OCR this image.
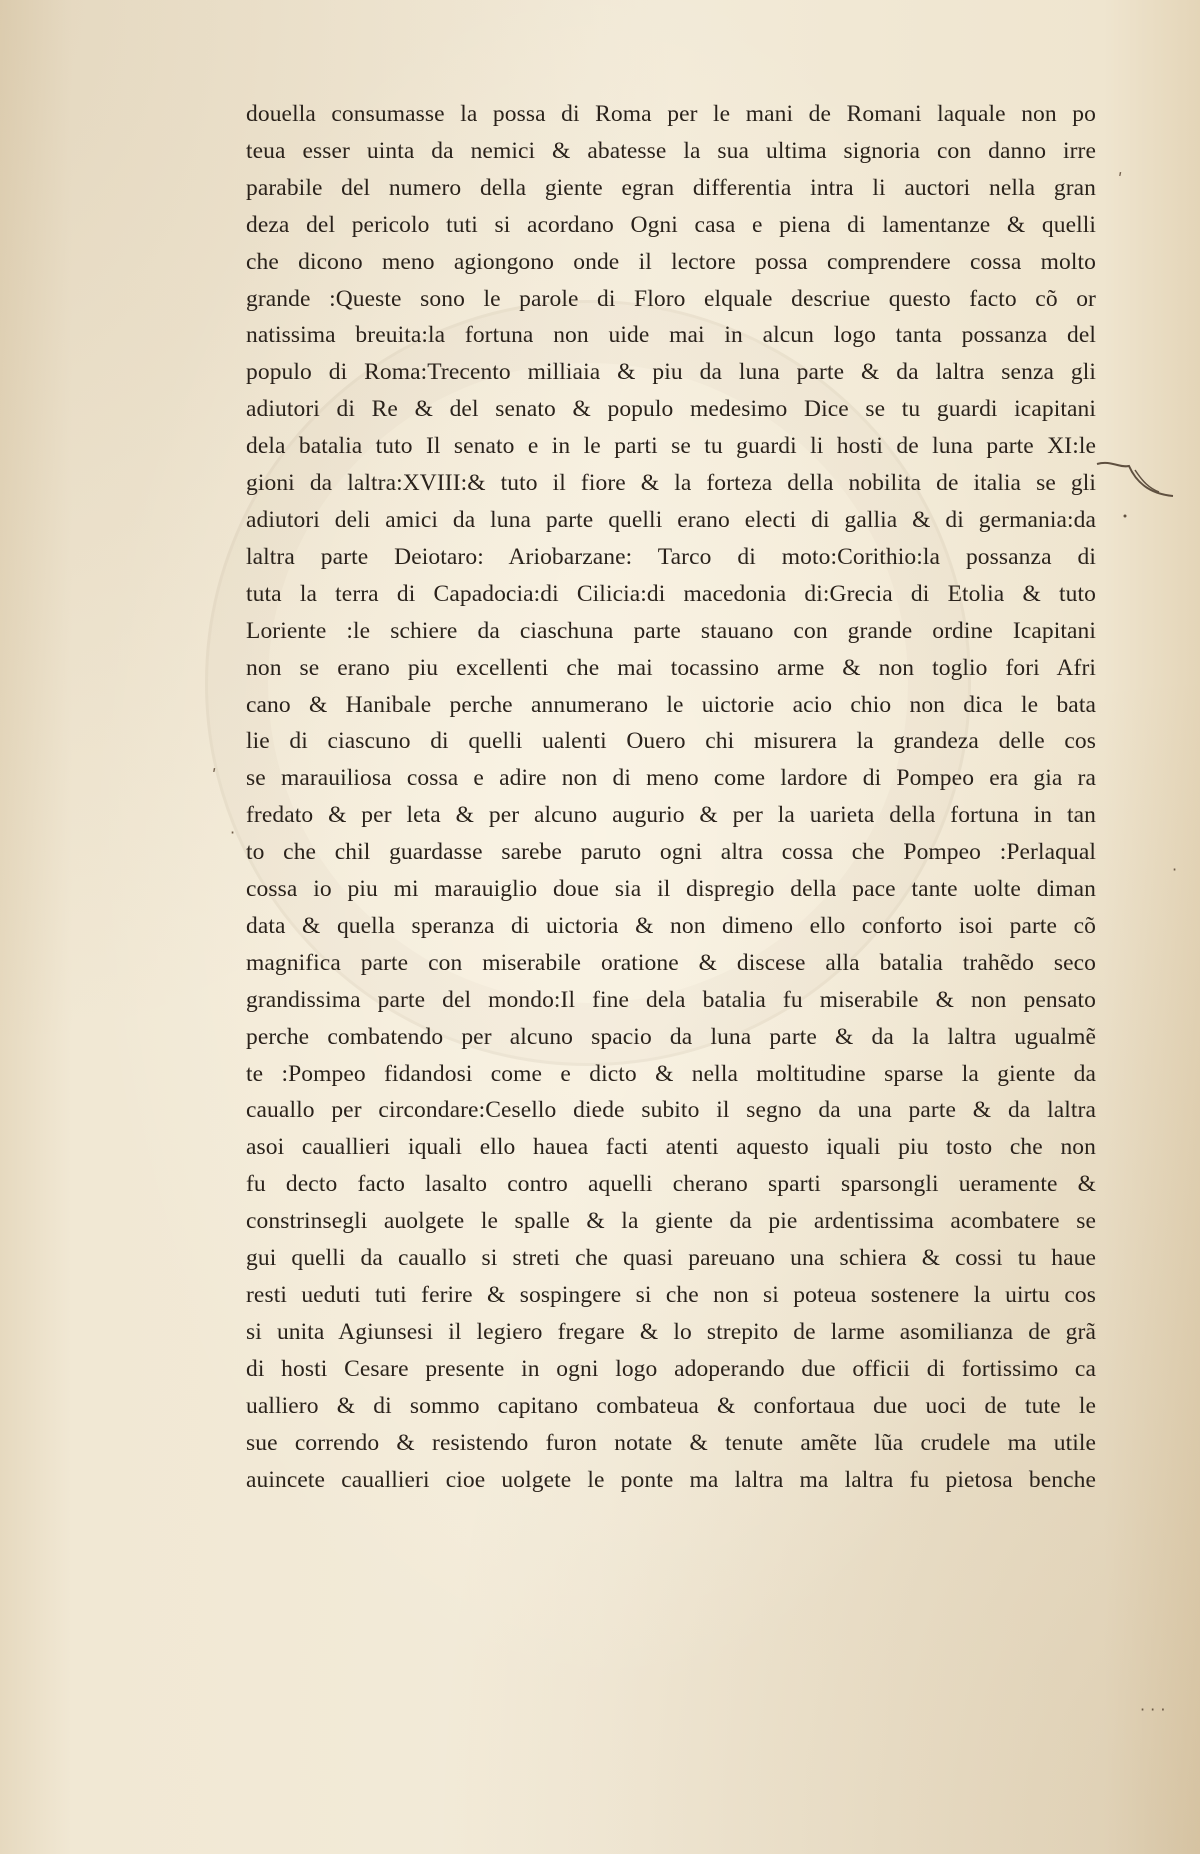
ʹ
ʹ
·
·
· · ·
douella consumasse la possa di Roma per le mani de Romani laquale non po
teua esser uinta da nemici & abatesse la sua ultima signoria con danno irre
parabile del numero della giente egran differentia intra li auctori nella gran
deza del pericolo tuti si acordano Ogni casa e piena di lamentanze & quelli
che dicono meno agiongono onde il lectore possa comprendere cossa molto
grande :Queste sono le parole di Floro elquale descriue questo facto cõ or
natissima breuita:la fortuna non uide mai in alcun logo tanta possanza del
populo di Roma:Trecento milliaia & piu da luna parte & da laltra senza gli
adiutori di Re & del senato & populo medesimo Dice se tu guardi icapitani
dela batalia tuto Il senato e in le parti se tu guardi li hosti de luna parte XI:le
gioni da laltra:XVIII:& tuto il fiore & la forteza della nobilita de italia se gli
adiutori deli amici da luna parte quelli erano electi di gallia & di germania:da
laltra parte Deiotaro: Ariobarzane: Tarco di moto:Corithio:la possanza di
tuta la terra di Capadocia:di Cilicia:di macedonia di:Grecia di Etolia & tuto
Loriente :le schiere da ciaschuna parte stauano con grande ordine Icapitani
non se erano piu excellenti che mai tocassino arme & non toglio fori Afri
cano & Hanibale perche annumerano le uictorie acio chio non dica le bata
lie di ciascuno di quelli ualenti Ouero chi misurera la grandeza delle cos
se marauiliosa cossa e adire non di meno come lardore di Pompeo era gia ra
fredato & per leta & per alcuno augurio & per la uarieta della fortuna in tan
to che chil guardasse sarebe paruto ogni altra cossa che Pompeo :Perlaqual
cossa io piu mi marauiglio doue sia il dispregio della pace tante uolte diman
data & quella speranza di uictoria & non dimeno ello conforto isoi parte cõ
magnifica parte con miserabile oratione & discese alla batalia trahẽdo seco
grandissima parte del mondo:Il fine dela batalia fu miserabile & non pensato
perche combatendo per alcuno spacio da luna parte & da la laltra ugualmẽ
te :Pompeo fidandosi come e dicto & nella moltitudine sparse la giente da
cauallo per circondare:Cesello diede subito il segno da una parte & da laltra
asoi cauallieri iquali ello hauea facti atenti aquesto iquali piu tosto che non
fu decto facto lasalto contro aquelli cherano sparti sparsongli ueramente &
constrinsegli auolgete le spalle & la giente da pie ardentissima acombatere se
gui quelli da cauallo si streti che quasi pareuano una schiera & cossi tu haue
resti ueduti tuti ferire & sospingere si che non si poteua sostenere la uirtu cos
si unita Agiunsesi il legiero fregare & lo strepito de larme asomilianza de grã
di hosti Cesare presente in ogni logo adoperando due officii di fortissimo ca
ualliero & di sommo capitano combateua & confortaua due uoci de tute le
sue correndo & resistendo furon notate & tenute amẽte lũa crudele ma utile
auincete cauallieri cioe uolgete le ponte ma laltra ma laltra fu pietosa benche
